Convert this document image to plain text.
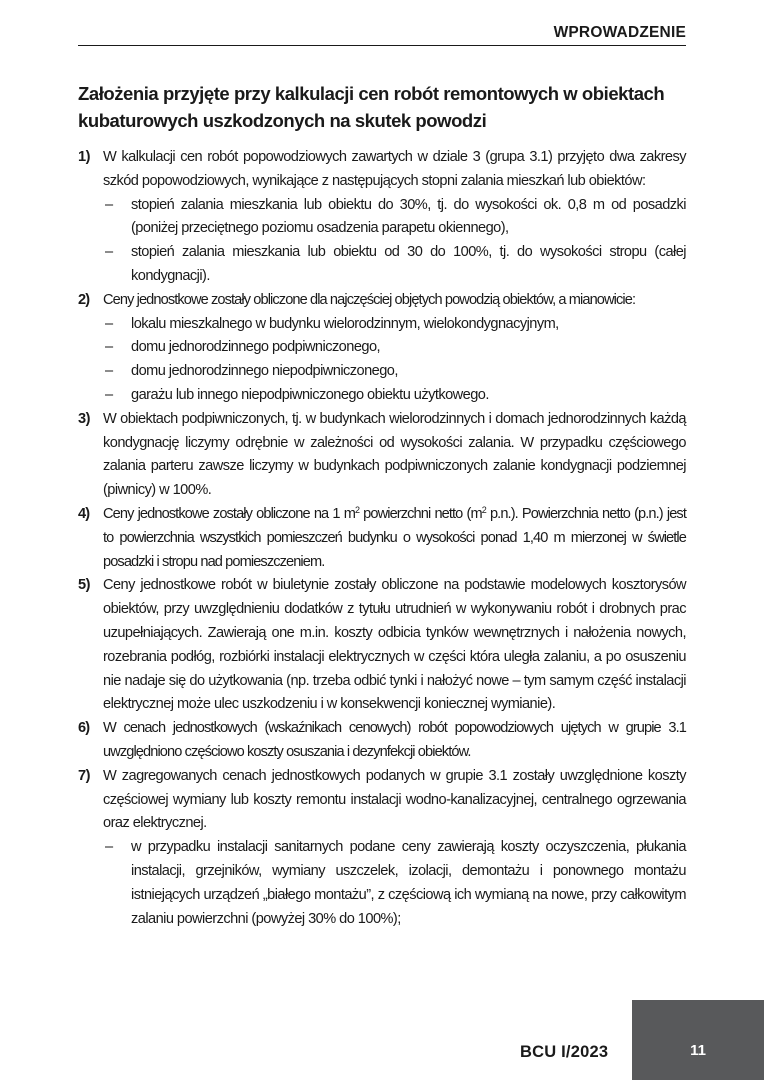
WPROWADZENIE
Założenia przyjęte przy kalkulacji cen robót remontowych w obiektach kubaturowych uszkodzonych na skutek powodzi
1) W kalkulacji cen robót popowodziowych zawartych w dziale 3 (grupa 3.1) przyjęto dwa zakresy szkód popowodziowych, wynikające z następujących stopni zalania mieszkań lub obiektów:

– stopień zalania mieszkania lub obiektu do 30%, tj. do wysokości ok. 0,8 m od posadzki (poniżej przeciętnego poziomu osadzenia parapetu okiennego),

– stopień zalania mieszkania lub obiektu od 30 do 100%, tj. do wysokości stropu (całej kondygnacji).

2) Ceny jednostkowe zostały obliczone dla najczęściej objętych powodzią obiektów, a mianowicie:

– lokalu mieszkalnego w budynku wielorodzinnym, wielokondygnacyjnym,

– domu jednorodzinnego podpiwniczonego,

– domu jednorodzinnego niepodpiwniczonego,

– garażu lub innego niepodpiwniczonego obiektu użytkowego.

3) W obiektach podpiwniczonych, tj. w budynkach wielorodzinnych i domach jednorodzinnych każdą kondygnację liczymy odrębnie w zależności od wysokości zalania. W przypadku częściowego zalania parteru zawsze liczymy w budynkach podpiwniczonych zalanie kondygnacji podziemnej (piwnicy) w 100%.

4) Ceny jednostkowe zostały obliczone na 1 $m^2$ powierzchni netto ($m^2$ p.n.). Powierzchnia netto (p.n.) jest to powierzchnia wszystkich pomieszczeń budynku o wysokości ponad 1,40 m mierzonej w świetle posadzki i stropu nad pomieszczeniem.

5) Ceny jednostkowe robót w biuletynie zostały obliczone na podstawie modelowych kosztorysów obiektów, przy uwzględnieniu dodatków z tytułu utrudnień w wykonywaniu robót i drobnych prac uzupełniających. Zawierają one m.in. koszty odbicia tynków wewnętrznych i nałożenia nowych, rozebrania podłóg, rozbiórki instalacji elektrycznych w części która uległa zalaniu, a po osuszeniu nie nadaje się do użytkowania (np. trzeba odbić tynki i nałożyć nowe – tym samym część instalacji elektrycznej może ulec uszkodzeniu i w konsekwencji koniecznej wymianie).

6) W cenach jednostkowych (wskaźnikach cenowych) robót popowodziowych ujętych w grupie 3.1 uwzględniono częściowo koszty osuszania i dezynfekcji obiektów.

7) W zagregowanych cenach jednostkowych podanych w grupie 3.1 zostały uwzględnione koszty częściowej wymiany lub koszty remontu instalacji wodno-kanalizacyjnej, centralnego ogrzewania oraz elektrycznej.

– w przypadku instalacji sanitarnych podane ceny zawierają koszty oczyszczenia, płukania instalacji, grzejników, wymiany uszczelek, izolacji, demontażu i ponownego montażu istniejących urządzeń „białego montażu”, z częściową ich wymianą na nowe, przy całkowitym zalaniu powierzchni (powyżej 30% do 100%);

BCU I/2023	11
